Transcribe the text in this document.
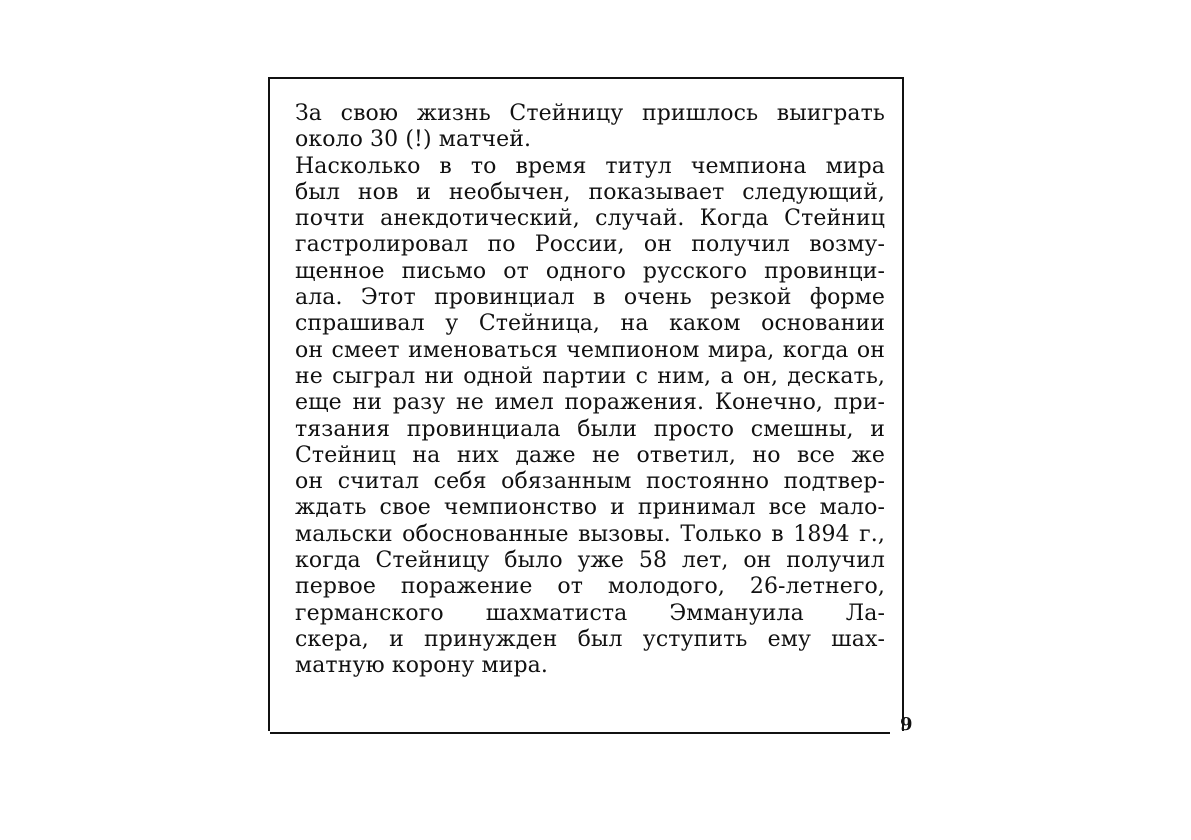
За свою жизнь Стейницу пришлось выиграть
около 30 (!) матчей.
Насколько в то время титул чемпиона мира
был нов и необычен, показывает следующий,
почти анекдотический, случай. Когда Стейниц
гастролировал по России, он получил возму-
щенное письмо от одного русского провинци-
ала. Этот провинциал в очень резкой форме
спрашивал у Стейница, на каком основании
он смеет именоваться чемпионом мира, когда он
не сыграл ни одной партии с ним, а он, дескать,
еще ни разу не имел поражения. Конечно, при-
тязания провинциала были просто смешны, и
Стейниц на них даже не ответил, но все же
он считал себя обязанным постоянно подтвер-
ждать свое чемпионство и принимал все мало-
мальски обоснованные вызовы. Только в 1894 г.,
когда Стейницу было уже 58 лет, он получил
первое поражение от молодого, 26-летнего,
германского шахматиста Эммануила Ла-
скера, и принужден был уступить ему шах-
матную корону мира.
9
